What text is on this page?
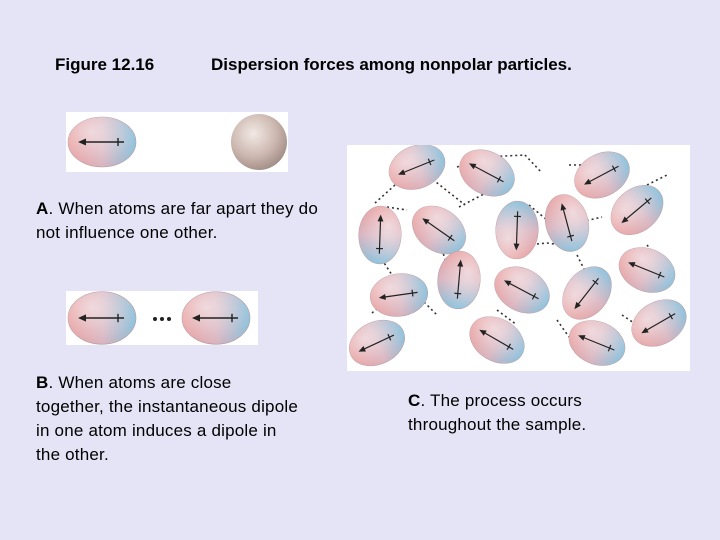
Figure 12.16	Dispersion forces among nonpolar particles.
A. When atoms are far apart they do not influence one other.
B. When atoms are close together, the instantaneous dipole in one atom induces a dipole in the other.
C. The process occurs throughout the sample.
